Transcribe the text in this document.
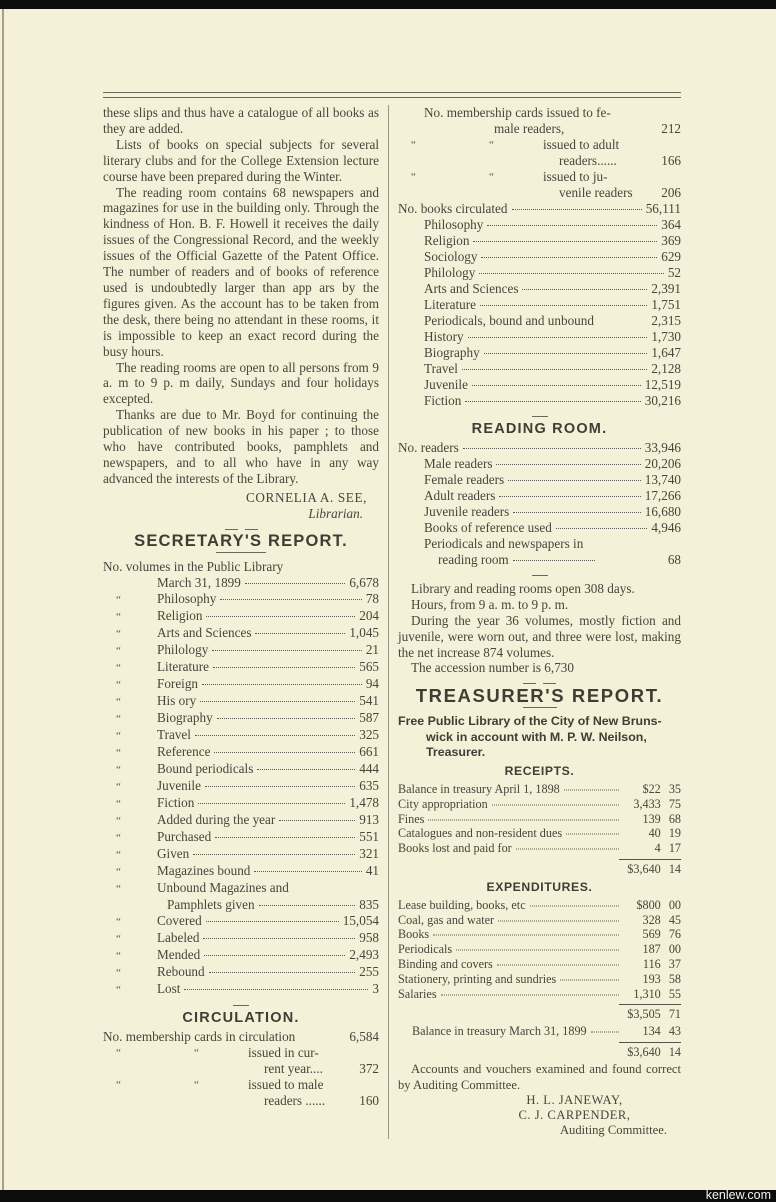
these slips and thus have a catalogue of all books as they are added.

Lists of books on special subjects for several literary clubs and for the College Extension lecture course have been prepared during the Winter.

The reading room contains 68 newspapers and magazines for use in the building only. Through the kindness of Hon. B. F. Howell it receives the daily issues of the Congressional Record, and the weekly issues of the Official Gazette of the Patent Office. The number of readers and of books of reference used is undoubtedly larger than app ars by the figures given. As the account has to be taken from the desk, there being no attendant in these rooms, it is impossible to keep an exact record during the busy hours.

The reading rooms are open to all persons from 9 a. m to 9 p. m daily, Sundays and four holidays excepted.

Thanks are due to Mr. Boyd for continuing the publication of new books in his paper ; to those who have contributed books, pamphlets and newspapers, and to all who have in any way advanced the interests of the Library.

CORNELIA A. SEE,
Librarian.
SECRETARY'S REPORT.
No. volumes in the Public Library
March 31, 1899	6,678
“	Philosophy	78
“	Religion	204
“	Arts and Sciences	1,045
“	Philology	21
“	Literature	565
“	Foreign	94
“	His ory	541
“	Biography	587
“	Travel	325
“	Reference	661
“	Bound periodicals	444
“	Juvenile	635
“	Fiction	1,478
“	Added during the year	913
“	Purchased	551
“	Given	321
“	Magazines bound	41
“	Unbound Magazines and
Pamphlets given	835
“	Covered	15,054
“	Labeled	958
“	Mended	2,493
“	Rebound	255
“	Lost	3
CIRCULATION.
No. membership cards in circulation	6,584
“	“	issued in cur-
rent year....	372
“	“	issued to male
readers ......	160
No. membership cards issued to fe-
male readers,	212
“	“	issued to adult
readers......	166
“	“	issued to ju-
venile readers	206
No. books circulated	56,111
Philosophy	364
Religion	369
Sociology	629
Philology	52
Arts and Sciences	2,391
Literature	1,751
Periodicals, bound and unbound	2,315
History	1,730
Biography	1,647
Travel	2,128
Juvenile	12,519
Fiction	30,216
READING ROOM.
No. readers	33,946
Male readers	20,206
Female readers	13,740
Adult readers	17,266
Juvenile readers	16,680
Books of reference used	4,946
Periodicals and newspapers in
reading room	68

Library and reading rooms open 308 days.

Hours, from 9 a. m. to 9 p. m.

During the year 36 volumes, mostly fiction and juvenile, were worn out, and three were lost, making the net increase 874 volumes.

The accession number is 6,730

TREASURER'S REPORT.
Free Public Library of the City of New Bruns-
wick in account with M. P. W. Neilson,
Treasurer.
RECEIPTS.
Balance in treasury April 1, 1898	$22 35
City appropriation	3,433 75
Fines	139 68
Catalogues and non-resident dues	40 19
Books lost and paid for	4 17
$3,640 14
EXPENDITURES.
Lease building, books, etc	$800 00
Coal, gas and water	328 45
Books	569 76
Periodicals	187 00
Binding and covers	116 37
Stationery, printing and sundries	193 58
Salaries	1,310 55
$3,505 71
Balance in treasury March 31, 1899	134 43
$3,640 14

Accounts and vouchers examined and found correct by Auditing Committee.

H. L. JANEWAY,
C. J. CARPENDER,
Auditing Committee.
kenlew.com
